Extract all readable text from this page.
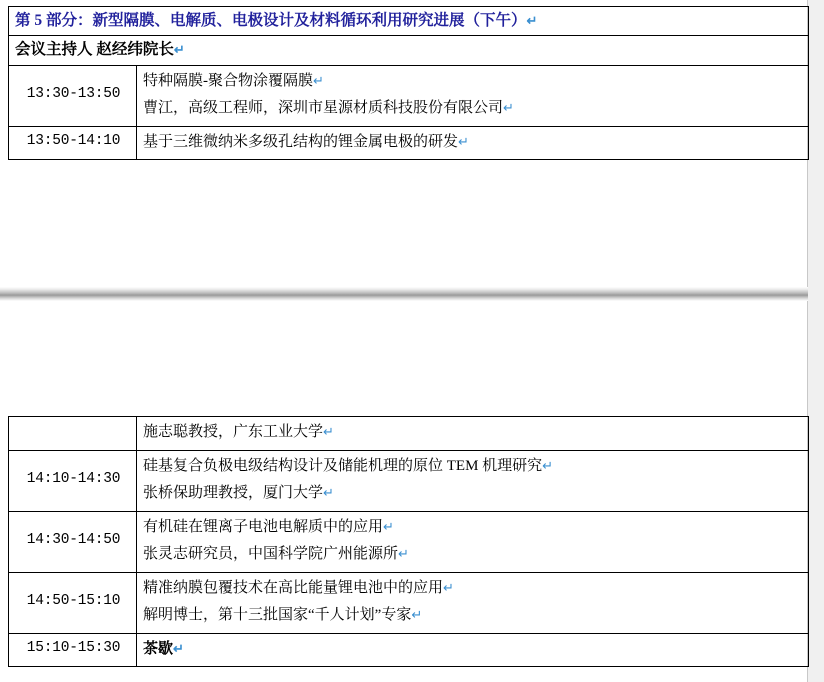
第 5 部分：新型隔膜、电解质、电极设计及材料循环利用研究进展（下午）↵	
会议主持人 赵经纬院长↵	
13:30-13:50	特种隔膜-聚合物涂覆隔膜↵
曹江，高级工程师，深圳市星源材质科技股份有限公司↵

13:50-14:10	基于三维微纳米多级孔结构的锂金属电极的研发↵

	施志聪教授，广东工业大学↵

14:10-14:30	硅基复合负极电级结构设计及储能机理的原位 TEM 机理研究↵
张桥保助理教授，厦门大学↵

14:30-14:50	有机硅在锂离子电池电解质中的应用↵
张灵志研究员，中国科学院广州能源所↵

14:50-15:10	精准纳膜包覆技术在高比能量锂电池中的应用↵
解明博士，第十三批国家“千人计划”专家↵

15:10-15:30	茶歇↵
